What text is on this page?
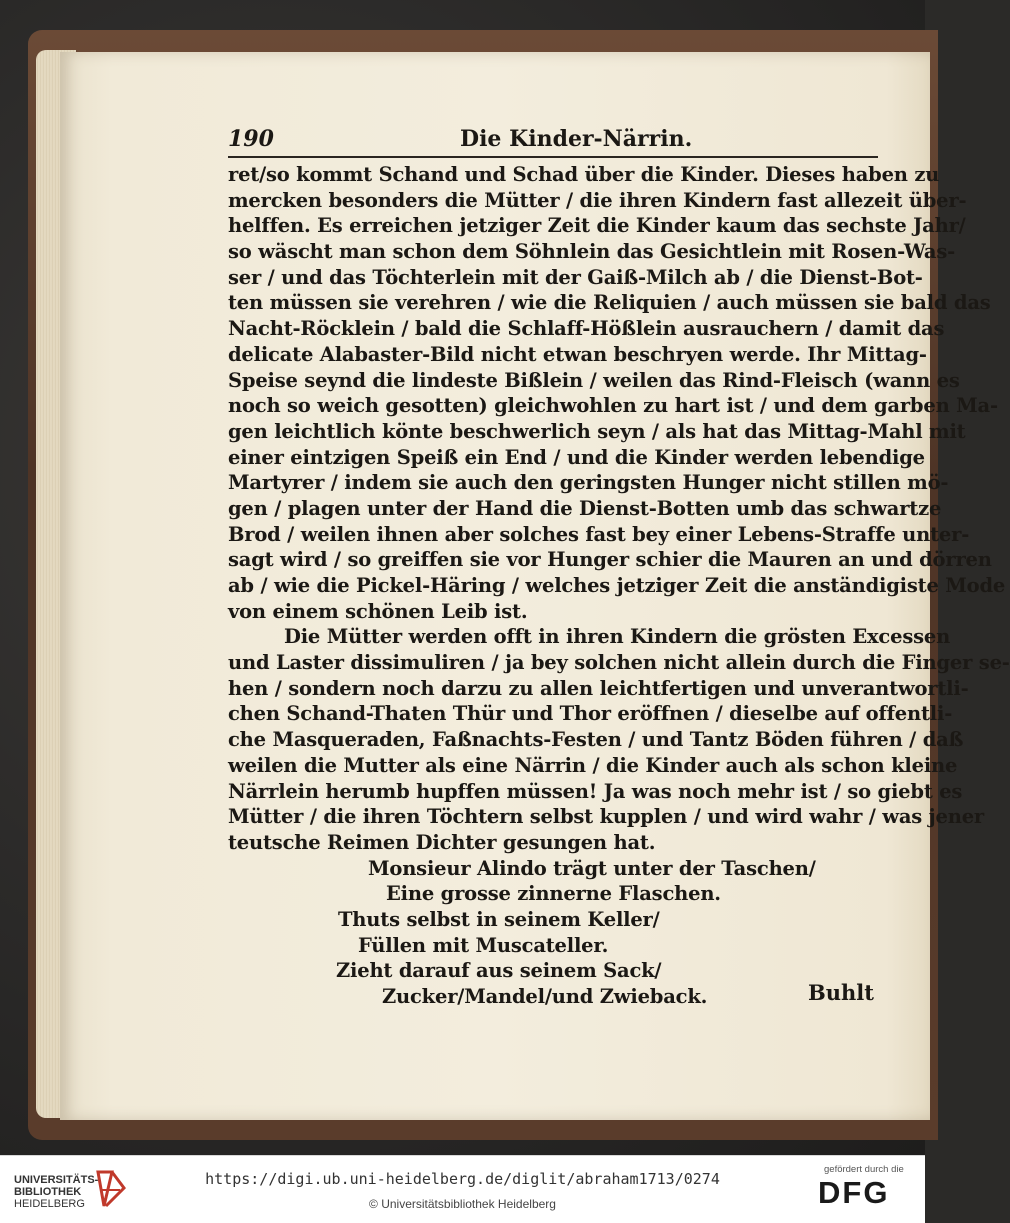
190	Die Kinder-Närrin.
ret/so kommt Schand und Schad über die Kinder. Dieses haben zu
mercken besonders die Mütter / die ihren Kindern fast allezeit über-
helffen. Es erreichen jetziger Zeit die Kinder kaum das sechste Jahr/
so wäscht man schon dem Söhnlein das Gesichtlein mit Rosen-Was-
ser / und das Töchterlein mit der Gaiß-Milch ab / die Dienst-Bot-
ten müssen sie verehren / wie die Reliquien / auch müssen sie bald das
Nacht-Röcklein / bald die Schlaff-Hößlein ausrauchern / damit das
delicate Alabaster-Bild nicht etwan beschryen werde. Ihr Mittag-
Speise seynd die lindeste Bißlein / weilen das Rind-Fleisch (wann es
noch so weich gesotten) gleichwohlen zu hart ist / und dem garben Ma-
gen leichtlich könte beschwerlich seyn / als hat das Mittag-Mahl mit
einer eintzigen Speiß ein End / und die Kinder werden lebendige
Martyrer / indem sie auch den geringsten Hunger nicht stillen mö-
gen / plagen unter der Hand die Dienst-Botten umb das schwartze
Brod / weilen ihnen aber solches fast bey einer Lebens-Straffe unter-
sagt wird / so greiffen sie vor Hunger schier die Mauren an und dörren
ab / wie die Pickel-Häring / welches jetziger Zeit die anständigiste Mode
von einem schönen Leib ist.
Die Mütter werden offt in ihren Kindern die grösten Excessen
und Laster dissimuliren / ja bey solchen nicht allein durch die Finger se-
hen / sondern noch darzu zu allen leichtfertigen und unverantwortli-
chen Schand-Thaten Thür und Thor eröffnen / dieselbe auf offentli-
che Masqueraden, Faßnachts-Festen / und Tantz Böden führen / daß
weilen die Mutter als eine Närrin / die Kinder auch als schon kleine
Närrlein herumb hupffen müssen! Ja was noch mehr ist / so giebt es
Mütter / die ihren Töchtern selbst kupplen / und wird wahr / was jener
teutsche Reimen Dichter gesungen hat.
Monsieur Alindo trägt unter der Taschen/
Eine grosse zinnerne Flaschen.
Thuts selbst in seinem Keller/
Füllen mit Muscateller.
Zieht darauf aus seinem Sack/
Zucker/Mandel/und Zwieback.	Buhlt
UNIVERSITÄTS-
BIBLIOTHEK
HEIDELBERG
https://digi.ub.uni-heidelberg.de/diglit/abraham1713/0274
© Universitätsbibliothek Heidelberg
gefördert durch die
DFG
